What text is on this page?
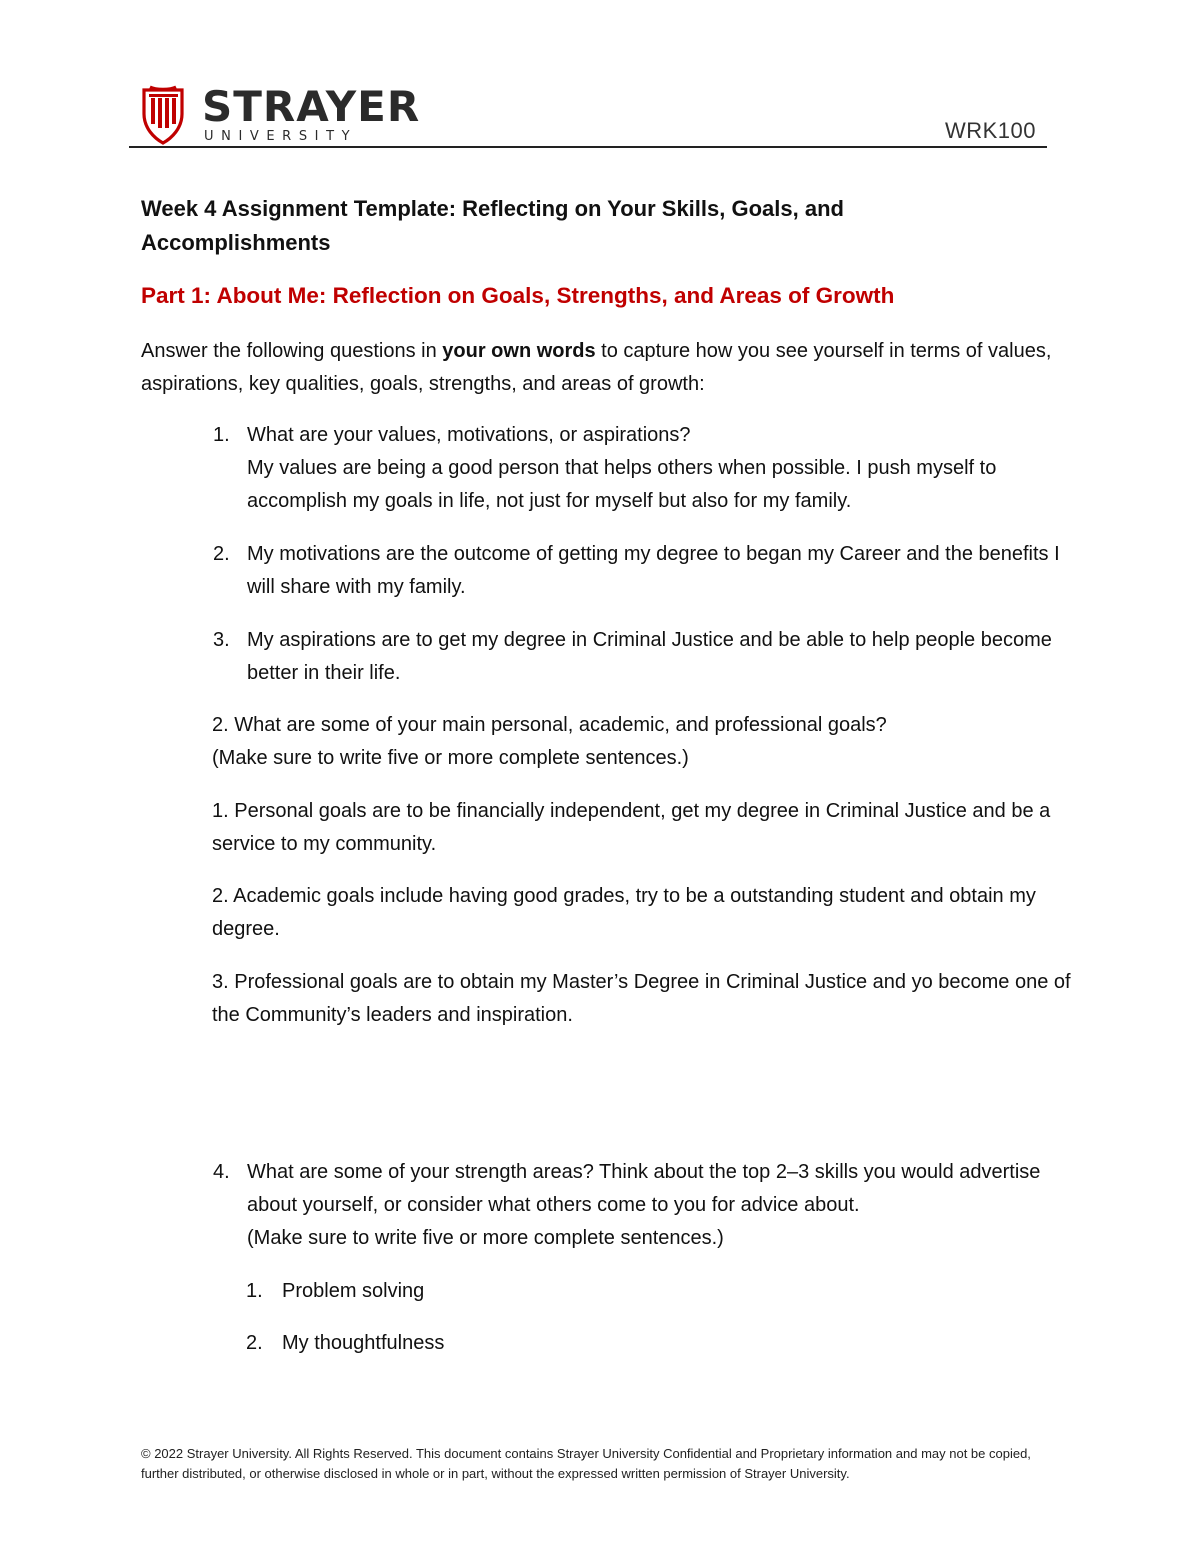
STRAYER
UNIVERSITY	WRK100
Week 4 Assignment Template: Reflecting on Your Skills, Goals, and Accomplishments
Part 1: About Me: Reflection on Goals, Strengths, and Areas of Growth
Answer the following questions in your own words to capture how you see yourself in terms of values, aspirations, key qualities, goals, strengths, and areas of growth:
1. What are your values, motivations, or aspirations?
My values are being a good person that helps others when possible. I push myself to accomplish my goals in life, not just for myself but also for my family.
2. My motivations are the outcome of getting my degree to began my Career and the benefits I will share with my family.
3. My aspirations are to get my degree in Criminal Justice and be able to help people become better in their life.
2. What are some of your main personal, academic, and professional goals?
(Make sure to write five or more complete sentences.)
1. Personal goals are to be financially independent, get my degree in Criminal Justice and be a service to my community.
2. Academic goals include having good grades, try to be a outstanding student and obtain my degree.
3. Professional goals are to obtain my Master’s Degree in Criminal Justice and yo become one of the Community’s leaders and inspiration.
4. What are some of your strength areas? Think about the top 2–3 skills you would advertise about yourself, or consider what others come to you for advice about.
(Make sure to write five or more complete sentences.)
1. Problem solving
2. My thoughtfulness
© 2022 Strayer University. All Rights Reserved. This document contains Strayer University Confidential and Proprietary information and may not be copied, further distributed, or otherwise disclosed in whole or in part, without the expressed written permission of Strayer University.
